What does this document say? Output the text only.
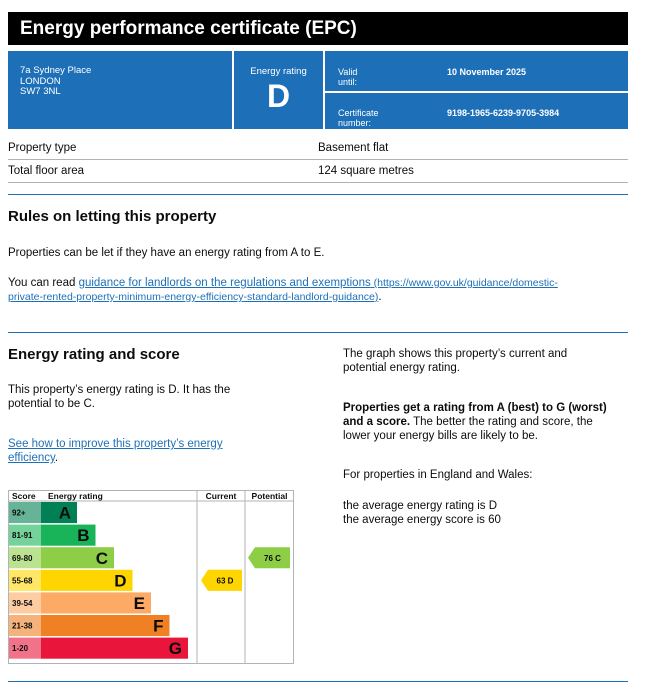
Energy performance certificate (EPC)
7a Sydney Place
LONDON
SW7 3NL
Energy rating
D
Valid until:
10 November 2025
Certificate number:
9198-1965-6239-9705-3984
Property type	Basement flat
Total floor area	124 square metres
Rules on letting this property
Properties can be let if they have an energy rating from A to E.
You can read guidance for landlords on the regulations and exemptions (https://www.gov.uk/guidance/domestic-
private-rented-property-minimum-energy-efficiency-standard-landlord-guidance).
Energy rating and score
This property’s energy rating is D. It has the
potential to be C.
See how to improve this property’s energy
efficiency.
The graph shows this property’s current and
potential energy rating.
Properties get a rating from A (best) to G (worst)
and a score. The better the rating and score, the
lower your energy bills are likely to be.
For properties in England and Wales:
the average energy rating is D
the average energy score is 60
Score Energy rating	Current Potential
92+ A
81-91	B
69-80	C
55-68	D
39-54	E
21-38	F
1-20	G
63 D
76 C
